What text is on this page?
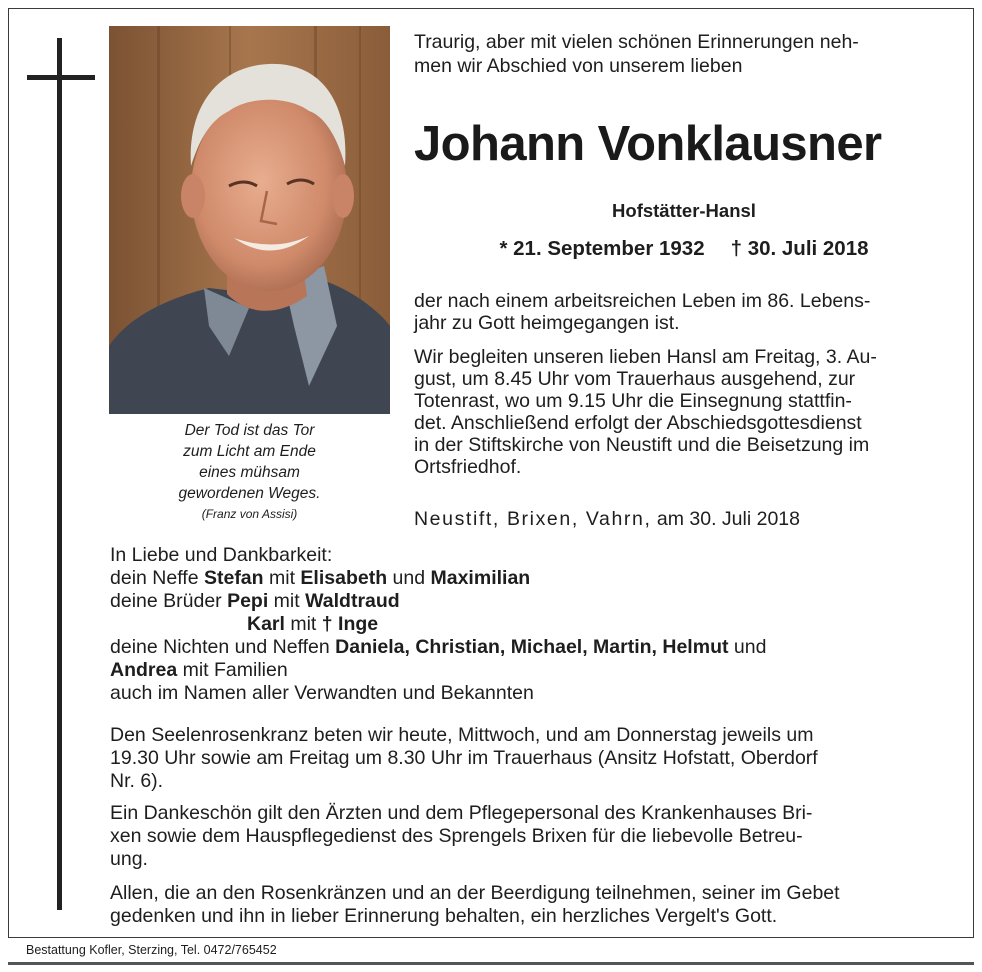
Der Tod ist das Tor
zum Licht am Ende
eines mühsam
gewordenen Weges.
(Franz von Assisi)
Traurig, aber mit vielen schönen Erinnerungen neh-
men wir Abschied von unserem lieben
Johann Vonklausner
Hofstätter-Hansl
* 21. September 1932 † 30. Juli 2018
der nach einem arbeitsreichen Leben im 86. Lebens-
jahr zu Gott heimgegangen ist.
Wir begleiten unseren lieben Hansl am Freitag, 3. Au-
gust, um 8.45 Uhr vom Trauerhaus ausgehend, zur
Totenrast, wo um 9.15 Uhr die Einsegnung stattfin-
det. Anschließend erfolgt der Abschiedsgottesdienst
in der Stiftskirche von Neustift und die Beisetzung im
Ortsfriedhof.
Neustift, Brixen, Vahrn, am 30. Juli 2018
In Liebe und Dankbarkeit:
dein Neffe Stefan mit Elisabeth und Maximilian
deine Brüder Pepi mit Waldtraud
Karl mit † Inge
deine Nichten und Neffen Daniela, Christian, Michael, Martin, Helmut und
Andrea mit Familien
auch im Namen aller Verwandten und Bekannten
Den Seelenrosenkranz beten wir heute, Mittwoch, und am Donnerstag jeweils um
19.30 Uhr sowie am Freitag um 8.30 Uhr im Trauerhaus (Ansitz Hofstatt, Oberdorf
Nr. 6).
Ein Dankeschön gilt den Ärzten und dem Pflegepersonal des Krankenhauses Bri-
xen sowie dem Hauspflegedienst des Sprengels Brixen für die liebevolle Betreu-
ung.
Allen, die an den Rosenkränzen und an der Beerdigung teilnehmen, seiner im Gebet
gedenken und ihn in lieber Erinnerung behalten, ein herzliches Vergelt's Gott.
Bestattung Kofler, Sterzing, Tel. 0472/765452
